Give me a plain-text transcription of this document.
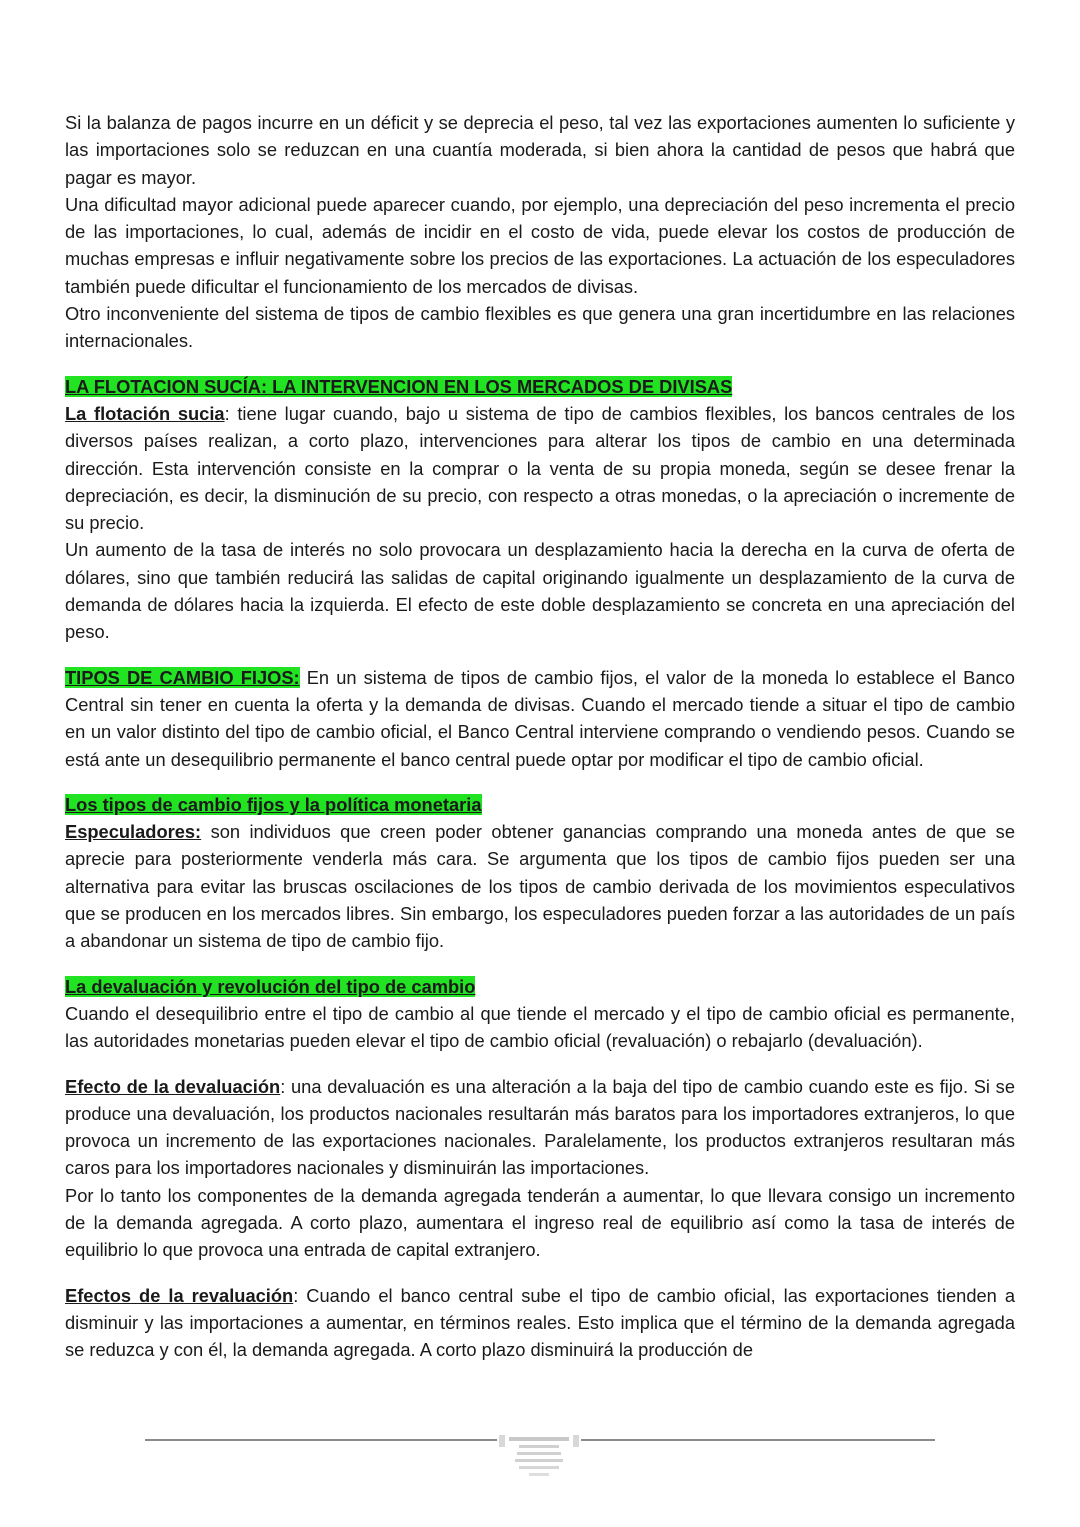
Si la balanza de pagos incurre en un déficit y se deprecia el peso, tal vez las exportaciones aumenten lo suficiente y las importaciones solo se reduzcan en una cuantía moderada, si bien ahora la cantidad de pesos que habrá que pagar es mayor.

Una dificultad mayor adicional puede aparecer cuando, por ejemplo, una depreciación del peso incrementa el precio de las importaciones, lo cual, además de incidir en el costo de vida, puede elevar los costos de producción de muchas empresas e influir negativamente sobre los precios de las exportaciones. La actuación de los especuladores también puede dificultar el funcionamiento de los mercados de divisas.

Otro inconveniente del sistema de tipos de cambio flexibles es que genera una gran incertidumbre en las relaciones internacionales.

LA FLOTACION SUCÍA: LA INTERVENCION EN LOS MERCADOS DE DIVISAS

La flotación sucia: tiene lugar cuando, bajo u sistema de tipo de cambios flexibles, los bancos centrales de los diversos países realizan, a corto plazo, intervenciones para alterar los tipos de cambio en una determinada dirección. Esta intervención consiste en la comprar o la venta de su propia moneda, según se desee frenar la depreciación, es decir, la disminución de su precio, con respecto a otras monedas, o la apreciación o incremente de su precio.

Un aumento de la tasa de interés no solo provocara un desplazamiento hacia la derecha en la curva de oferta de dólares, sino que también reducirá las salidas de capital originando igualmente un desplazamiento de la curva de demanda de dólares hacia la izquierda. El efecto de este doble desplazamiento se concreta en una apreciación del peso.

TIPOS DE CAMBIO FIJOS: En un sistema de tipos de cambio fijos, el valor de la moneda lo establece el Banco Central sin tener en cuenta la oferta y la demanda de divisas. Cuando el mercado tiende a situar el tipo de cambio en un valor distinto del tipo de cambio oficial, el Banco Central interviene comprando o vendiendo pesos. Cuando se está ante un desequilibrio permanente el banco central puede optar por modificar el tipo de cambio oficial.

Los tipos de cambio fijos y la política monetaria

Especuladores: son individuos que creen poder obtener ganancias comprando una moneda antes de que se aprecie para posteriormente venderla más cara. Se argumenta que los tipos de cambio fijos pueden ser una alternativa para evitar las bruscas oscilaciones de los tipos de cambio derivada de los movimientos especulativos que se producen en los mercados libres. Sin embargo, los especuladores pueden forzar a las autoridades de un país a abandonar un sistema de tipo de cambio fijo.

La devaluación y revolución del tipo de cambio

Cuando el desequilibrio entre el tipo de cambio al que tiende el mercado y el tipo de cambio oficial es permanente, las autoridades monetarias pueden elevar el tipo de cambio oficial (revaluación) o rebajarlo (devaluación).

Efecto de la devaluación: una devaluación es una alteración a la baja del tipo de cambio cuando este es fijo. Si se produce una devaluación, los productos nacionales resultarán más baratos para los importadores extranjeros, lo que provoca un incremento de las exportaciones nacionales. Paralelamente, los productos extranjeros resultaran más caros para los importadores nacionales y disminuirán las importaciones.

Por lo tanto los componentes de la demanda agregada tenderán a aumentar, lo que llevara consigo un incremento de la demanda agregada. A corto plazo, aumentara el ingreso real de equilibrio así como la tasa de interés de equilibrio lo que provoca una entrada de capital extranjero.

Efectos de la revaluación: Cuando el banco central sube el tipo de cambio oficial, las exportaciones tienden a disminuir y las importaciones a aumentar, en términos reales. Esto implica que el término de la demanda agregada se reduzca y con él, la demanda agregada. A corto plazo disminuirá la producción de
